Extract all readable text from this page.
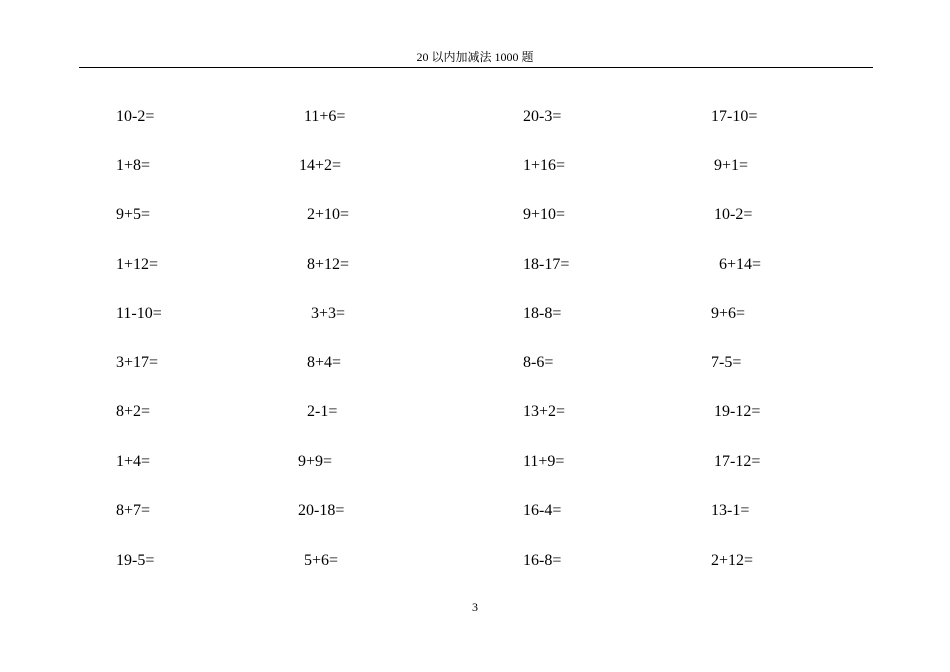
20 以内加减法 1000 题
10-2=	11+6=	20-3=	17-10=
1+8=	14+2=	1+16=	9+1=
9+5=	2+10=	9+10=	10-2=
1+12=	8+12=	18-17=	6+14=
11-10=	3+3=	18-8=	9+6=
3+17=	8+4=	8-6=	7-5=
8+2=	2-1=	13+2=	19-12=
1+4=	9+9=	11+9=	17-12=
8+7=	20-18=	16-4=	13-1=
19-5=	5+6=	16-8=	2+12=
3
